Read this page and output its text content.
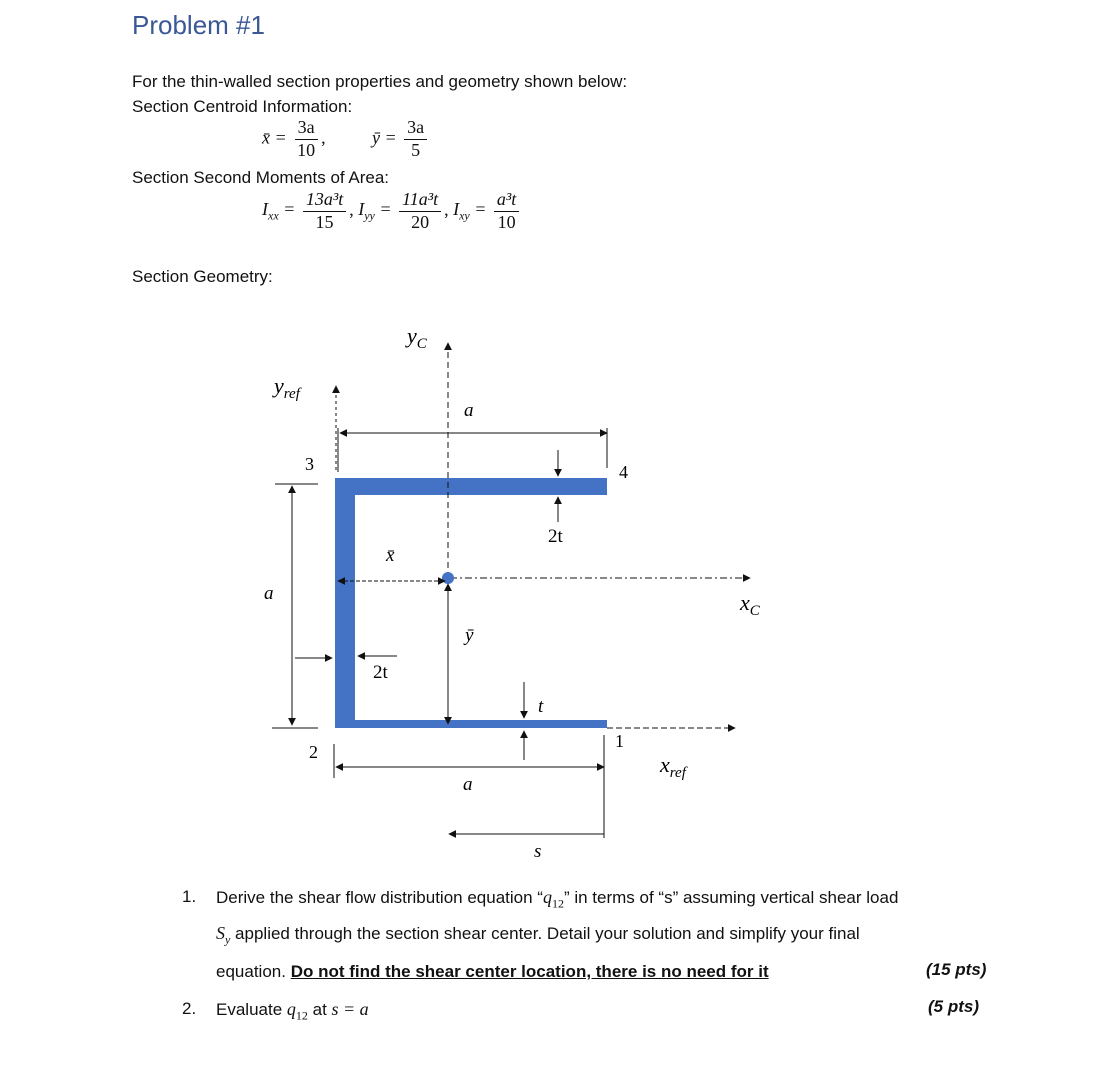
Problem #1
For the thin-walled section properties and geometry shown below:
Section Centroid Information:
x̄ = $\frac{3a}{10}$ ,	ȳ = $\frac{3a}{5}$
Section Second Moments of Area:
$I_{xx} = \frac{\text{13a³t}}{15}$ , $I_{yy} = \frac{\text{11a³t}}{20}$ , $I_{xy} = \frac{\text{a³t}}{10}$
Section Geometry:
$y_C$
$y_{ref}$
$x_C$
$x_{ref}$
a
a
a
2t
2t
t
x̄
ȳ
s
1
2
3	4
1. Derive the shear flow distribution equation “$q_{12}$” in terms of “s” assuming vertical shear load
$S_y$ applied through the section shear center. Detail your solution and simplify your final
equation. Do not find the shear center location, there is no need for it	(15 pts)
2. Evaluate $q_{12}$ at s = a	(5 pts)
